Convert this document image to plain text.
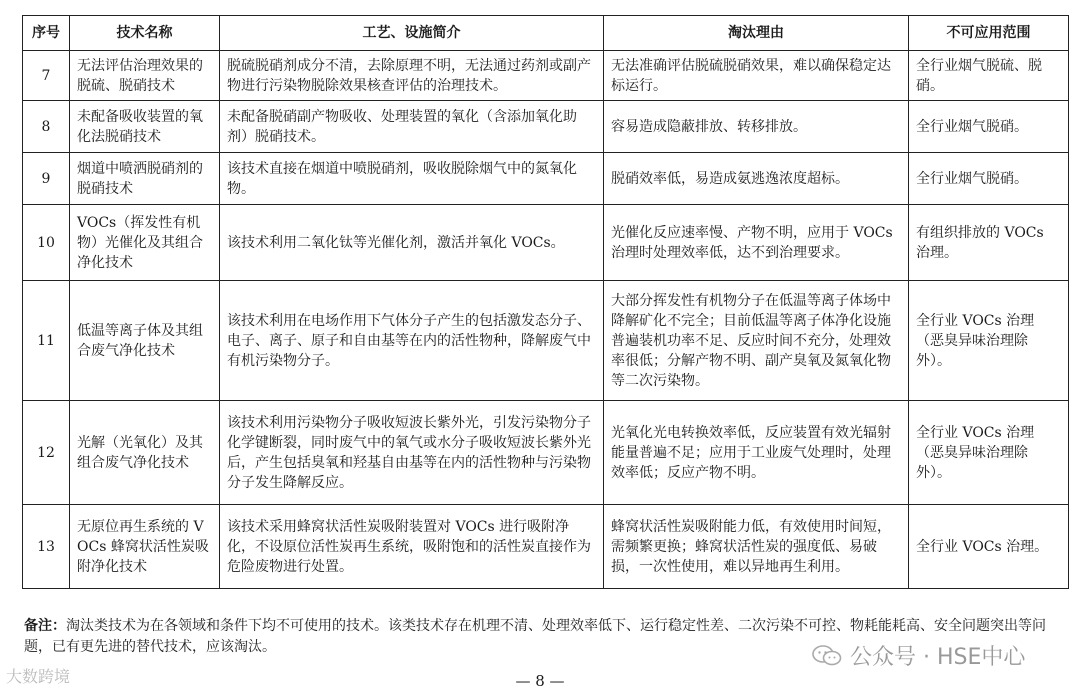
序号	技术名称	工艺、设施简介	淘汰理由	不可应用范围
7	无法评估治理效果的脱硫、脱硝技术	脱硫脱硝剂成分不清，去除原理不明，无法通过药剂或副产物进行污染物脱除效果核查评估的治理技术。	无法准确评估脱硫脱硝效果，难以确保稳定达标运行。	全行业烟气脱硫、脱硝。
8	未配备吸收装置的氧化法脱硝技术	未配备脱硝副产物吸收、处理装置的氧化（含添加氧化助剂）脱硝技术。	容易造成隐蔽排放、转移排放。	全行业烟气脱硝。
9	烟道中喷洒脱硝剂的脱硝技术	该技术直接在烟道中喷脱硝剂，吸收脱除烟气中的氮氧化物。	脱硝效率低，易造成氨逃逸浓度超标。	全行业烟气脱硝。
10	VOCs（挥发性有机物）光催化及其组合净化技术	该技术利用二氧化钛等光催化剂，激活并氧化 VOCs。	光催化反应速率慢、产物不明，应用于 VOCs 治理时处理效率低，达不到治理要求。	有组织排放的 VOCs 治理。
11	低温等离子体及其组合废气净化技术	该技术利用在电场作用下气体分子产生的包括激发态分子、电子、离子、原子和自由基等在内的活性物种，降解废气中有机污染物分子。	大部分挥发性有机物分子在低温等离子体场中降解矿化不完全；目前低温等离子体净化设施普遍装机功率不足、反应时间不充分，处理效率很低；分解产物不明、副产臭氧及氮氧化物等二次污染物。	全行业 VOCs 治理（恶臭异味治理除外）。
12	光解（光氧化）及其组合废气净化技术	该技术利用污染物分子吸收短波长紫外光，引发污染物分子化学键断裂，同时废气中的氧气或水分子吸收短波长紫外光后，产生包括臭氧和羟基自由基等在内的活性物种与污染物分子发生降解反应。	光氧化光电转换效率低，反应装置有效光辐射能量普遍不足；应用于工业废气处理时，处理效率低；反应产物不明。	全行业 VOCs 治理（恶臭异味治理除外）。
13	无原位再生系统的 VOCs 蜂窝状活性炭吸附净化技术	该技术采用蜂窝状活性炭吸附装置对 VOCs 进行吸附净化，不设原位活性炭再生系统，吸附饱和的活性炭直接作为危险废物进行处置。	蜂窝状活性炭吸附能力低，有效使用时间短，需频繁更换；蜂窝状活性炭的强度低、易破损，一次性使用，难以异地再生利用。	全行业 VOCs 治理。
备注：淘汰类技术为在各领域和条件下均不可使用的技术。该类技术存在机理不清、处理效率低下、运行稳定性差、二次污染不可控、物耗能耗高、安全问题突出等问题，已有更先进的替代技术，应该淘汰。
大数跨境
公众号 · HSE中心
— 8 —
